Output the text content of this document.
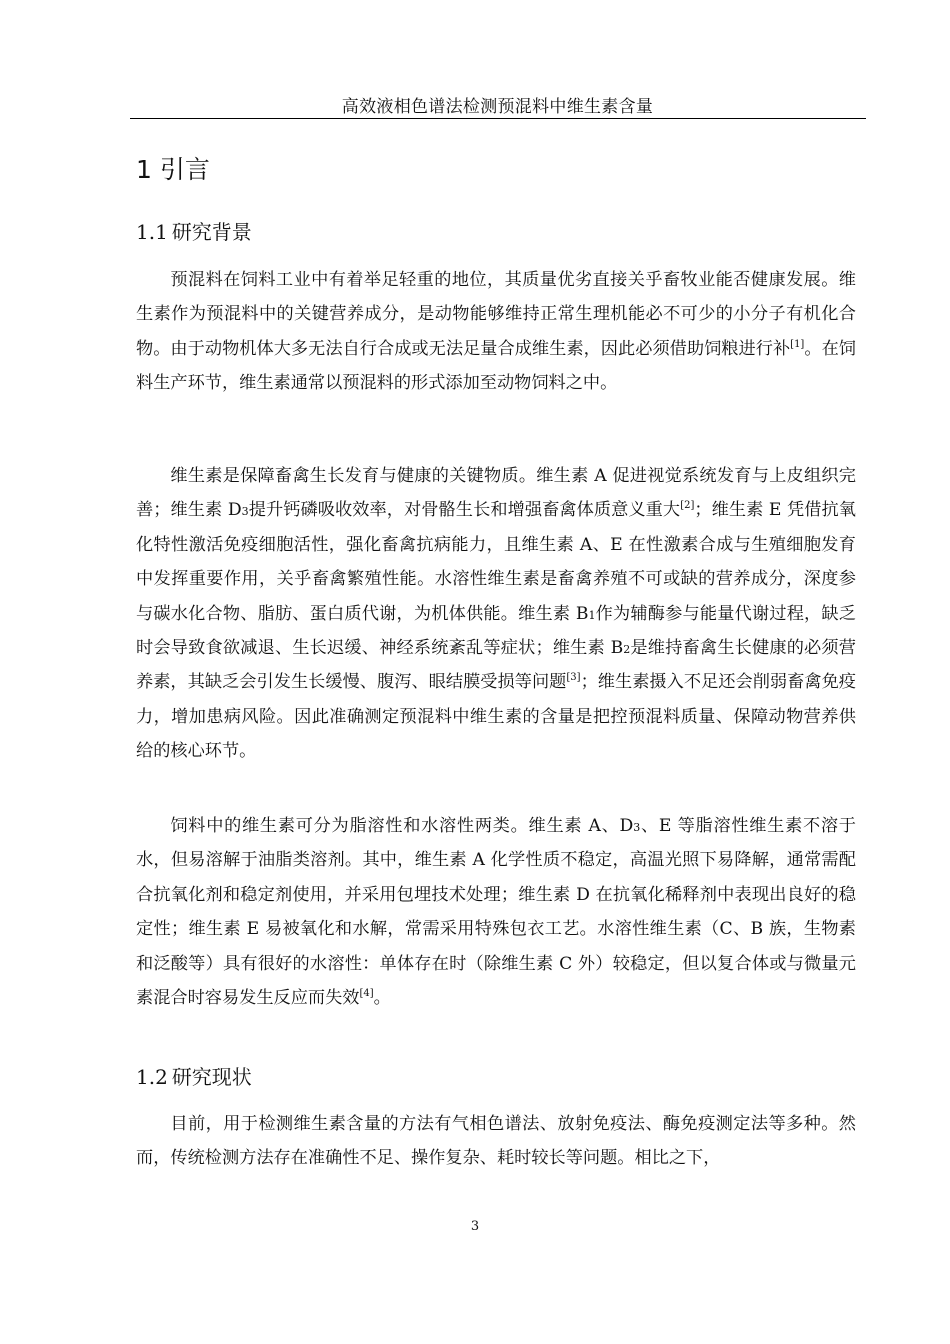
高效液相色谱法检测预混料中维生素含量
1 引言
1.1 研究背景

预混料在饲料工业中有着举足轻重的地位，其质量优劣直接关乎畜牧业能否健康发展。维生素作为预混料中的关键营养成分，是动物能够维持正常生理机能必不可少的小分子有机化合物。由于动物机体大多无法自行合成或无法足量合成维生素，因此必须借助饲粮进行补[1]。在饲料生产环节，维生素通常以预混料的形式添加至动物饲料之中。

维生素是保障畜禽生长发育与健康的关键物质。维生素 A 促进视觉系统发育与上皮组织完善；维生素 $D_3$提升钙磷吸收效率，对骨骼生长和增强畜禽体质意义重大[2]；维生素 E 凭借抗氧化特性激活免疫细胞活性，强化畜禽抗病能力，且维生素 A、E 在性激素合成与生殖细胞发育中发挥重要作用，关乎畜禽繁殖性能。水溶性维生素是畜禽养殖不可或缺的营养成分，深度参与碳水化合物、脂肪、蛋白质代谢，为机体供能。维生素 $B_1$作为辅酶参与能量代谢过程，缺乏时会导致食欲减退、生长迟缓、神经系统紊乱等症状；维生素 $B_2$是维持畜禽生长健康的必须营养素，其缺乏会引发生长缓慢、腹泻、眼结膜受损等问题[3]；维生素摄入不足还会削弱畜禽免疫力，增加患病风险。因此准确测定预混料中维生素的含量是把控预混料质量、保障动物营养供给的核心环节。

饲料中的维生素可分为脂溶性和水溶性两类。维生素 A、$D_3$、E 等脂溶性维生素不溶于水，但易溶解于油脂类溶剂。其中，维生素 A 化学性质不稳定，高温光照下易降解，通常需配合抗氧化剂和稳定剂使用，并采用包埋技术处理；维生素 D 在抗氧化稀释剂中表现出良好的稳定性；维生素 E 易被氧化和水解，常需采用特殊包衣工艺。水溶性维生素（C、B 族，生物素和泛酸等）具有很好的水溶性：单体存在时（除维生素 C 外）较稳定，但以复合体或与微量元素混合时容易发生反应而失效[4]。

1.2 研究现状

目前，用于检测维生素含量的方法有气相色谱法、放射免疫法、酶免疫测定法等多种。然而，传统检测方法存在准确性不足、操作复杂、耗时较长等问题。相比之下，

3
